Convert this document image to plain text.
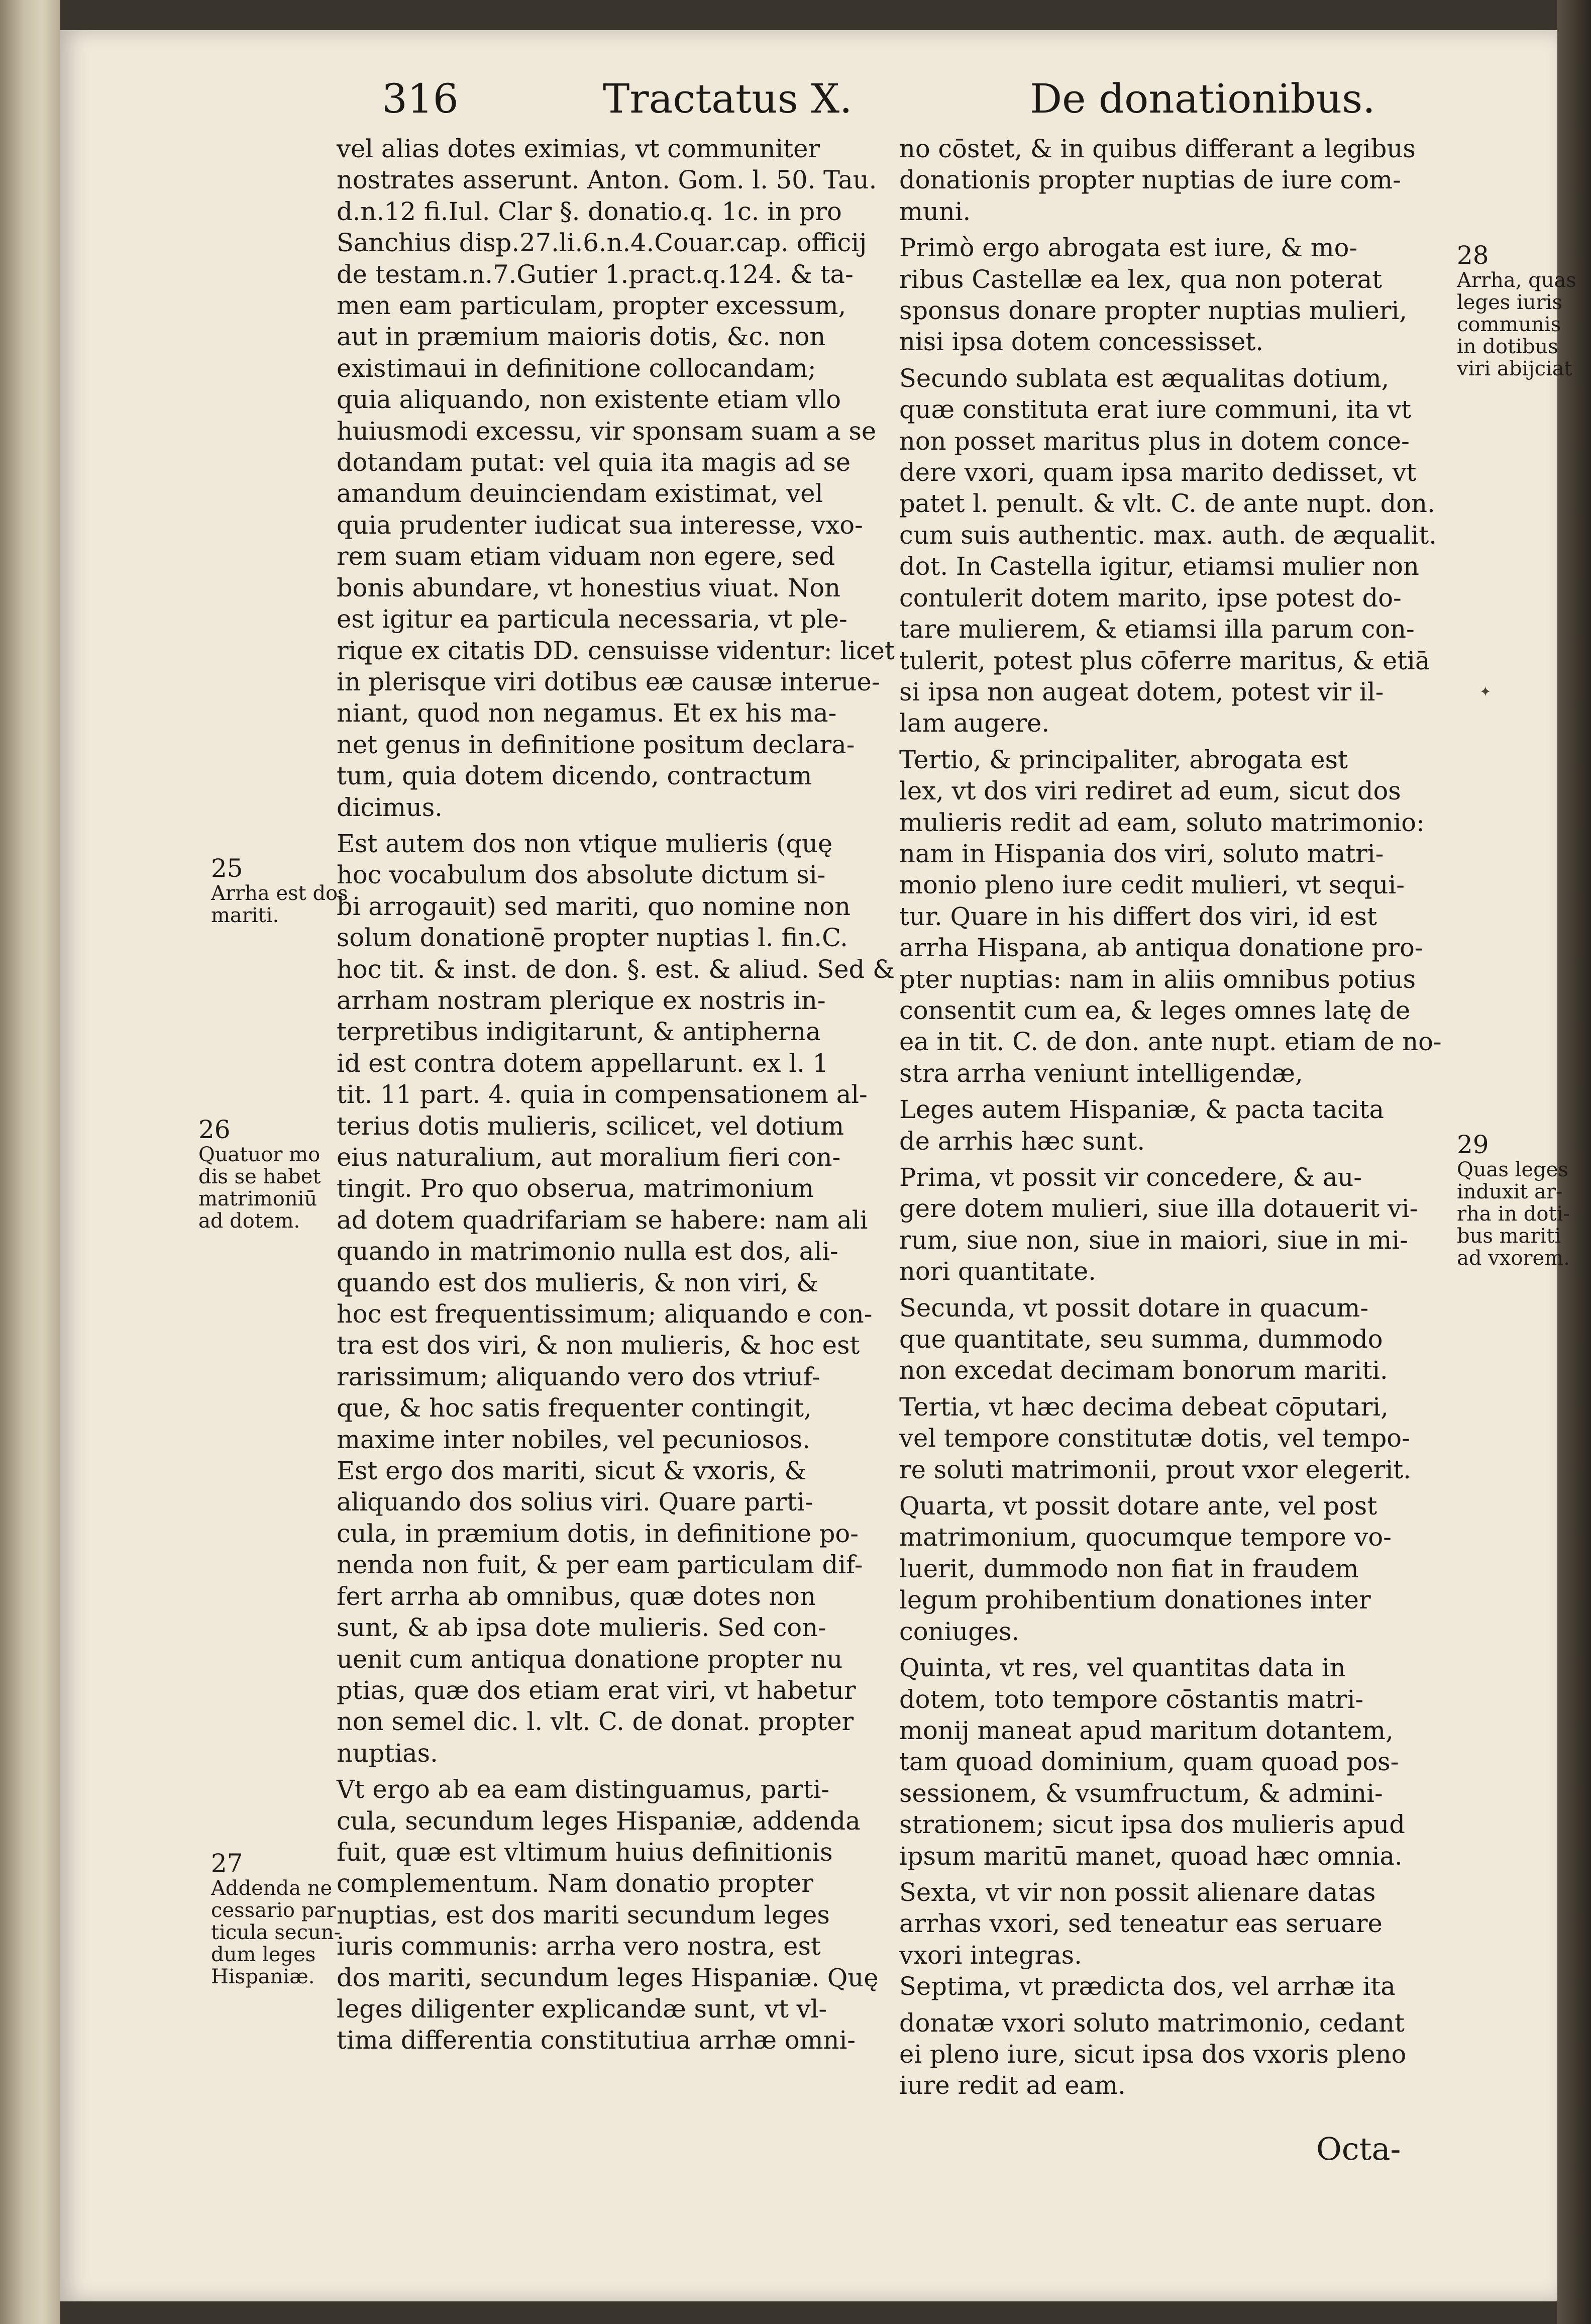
316	Tractatus X.	De donationibus.

vel alias dotes eximias, vt communiter

nostrates asserunt. Anton. Gom. l. 50. Tau.

d.n.12 fi.Iul. Clar §. donatio.q. 1c. in pro

Sanchius disp.27.li.6.n.4.Couar.cap. officij

de testam.n.7.Gutier 1.pract.q.124. & ta-

men eam particulam, propter excessum,

aut in præmium maioris dotis, &c. non

existimaui in definitione collocandam;

quia aliquando, non existente etiam vllo

huiusmodi excessu, vir sponsam suam a se

dotandam putat: vel quia ita magis ad se

amandum deuinciendam existimat, vel

quia prudenter iudicat sua interesse, vxo-

rem suam etiam viduam non egere, sed

bonis abundare, vt honestius viuat. Non

est igitur ea particula necessaria, vt ple-

rique ex citatis DD. censuisse videntur: licet

in plerisque viri dotibus eæ causæ interue-

niant, quod non negamus. Et ex his ma-

net genus in definitione positum declara-

tum, quia dotem dicendo, contractum

dicimus.

Est autem dos non vtique mulieris (quę

hoc vocabulum dos absolute dictum si-

bi arrogauit) sed mariti, quo nomine non

solum donationē propter nuptias l. fin.C.

hoc tit. & inst. de don. §. est. & aliud. Sed &

arrham nostram plerique ex nostris in-

terpretibus indigitarunt, & antipherna

id est contra dotem appellarunt. ex l. 1

tit. 11 part. 4. quia in compensationem al-

terius dotis mulieris, scilicet, vel dotium

eius naturalium, aut moralium fieri con-

tingit. Pro quo obserua, matrimonium

ad dotem quadrifariam se habere: nam ali

quando in matrimonio nulla est dos, ali-

quando est dos mulieris, & non viri, &

hoc est frequentissimum; aliquando e con-

tra est dos viri, & non mulieris, & hoc est

rarissimum; aliquando vero dos vtriuf-

que, & hoc satis frequenter contingit,

maxime inter nobiles, vel pecuniosos.

Est ergo dos mariti, sicut & vxoris, &

aliquando dos solius viri. Quare parti-

cula, in præmium dotis, in definitione po-

nenda non fuit, & per eam particulam dif-

fert arrha ab omnibus, quæ dotes non

sunt, & ab ipsa dote mulieris. Sed con-

uenit cum antiqua donatione propter nu

ptias, quæ dos etiam erat viri, vt habetur

non semel dic. l. vlt. C. de donat. propter

nuptias.

Vt ergo ab ea eam distinguamus, parti-

cula, secundum leges Hispaniæ, addenda

fuit, quæ est vltimum huius definitionis

complementum. Nam donatio propter

nuptias, est dos mariti secundum leges

iuris communis: arrha vero nostra, est

dos mariti, secundum leges Hispaniæ. Quę

leges diligenter explicandæ sunt, vt vl-

tima differentia constitutiua arrhæ omni-

no cōstet, & in quibus differant a legibus

donationis propter nuptias de iure com-

muni.

Primò ergo abrogata est iure, & mo-

ribus Castellæ ea lex, qua non poterat

sponsus donare propter nuptias mulieri,

nisi ipsa dotem concessisset.

Secundo sublata est æqualitas dotium,

quæ constituta erat iure communi, ita vt

non posset maritus plus in dotem conce-

dere vxori, quam ipsa marito dedisset, vt

patet l. penult. & vlt. C. de ante nupt. don.

cum suis authentic. max. auth. de æqualit.

dot. In Castella igitur, etiamsi mulier non

contulerit dotem marito, ipse potest do-

tare mulierem, & etiamsi illa parum con-

tulerit, potest plus cōferre maritus, & etiā

si ipsa non augeat dotem, potest vir il-

lam augere.

Tertio, & principaliter, abrogata est

lex, vt dos viri rediret ad eum, sicut dos

mulieris redit ad eam, soluto matrimonio:

nam in Hispania dos viri, soluto matri-

monio pleno iure cedit mulieri, vt sequi-

tur. Quare in his differt dos viri, id est

arrha Hispana, ab antiqua donatione pro-

pter nuptias: nam in aliis omnibus potius

consentit cum ea, & leges omnes latę de

ea in tit. C. de don. ante nupt. etiam de no-

stra arrha veniunt intelligendæ,

Leges autem Hispaniæ, & pacta tacita

de arrhis hæc sunt.

Prima, vt possit vir concedere, & au-

gere dotem mulieri, siue illa dotauerit vi-

rum, siue non, siue in maiori, siue in mi-

nori quantitate.

Secunda, vt possit dotare in quacum-

que quantitate, seu summa, dummodo

non excedat decimam bonorum mariti.

Tertia, vt hæc decima debeat cōputari,

vel tempore constitutæ dotis, vel tempo-

re soluti matrimonii, prout vxor elegerit.

Quarta, vt possit dotare ante, vel post

matrimonium, quocumque tempore vo-

luerit, dummodo non fiat in fraudem

legum prohibentium donationes inter

coniuges.

Quinta, vt res, vel quantitas data in

dotem, toto tempore cōstantis matri-

monij maneat apud maritum dotantem,

tam quoad dominium, quam quoad pos-

sessionem, & vsumfructum, & admini-

strationem; sicut ipsa dos mulieris apud

ipsum maritū manet, quoad hæc omnia.

Sexta, vt vir non possit alienare datas

arrhas vxori, sed teneatur eas seruare

vxori integras.

Septima, vt prædicta dos, vel arrhæ ita

donatæ vxori soluto matrimonio, cedant

ei pleno iure, sicut ipsa dos vxoris pleno

iure redit ad eam.

25
Arrha est dos
mariti.
26
Quatuor mo
dis se habet
matrimoniū
ad dotem.
27
Addenda ne
cessario par
ticula secun-
dum leges
Hispaniæ.
28
Arrha, quas
leges iuris
communis
in dotibus
viri abijciat
29
Quas leges
induxit ar-
rha in doti-
bus mariti
ad vxorem.
✦
Octa-
